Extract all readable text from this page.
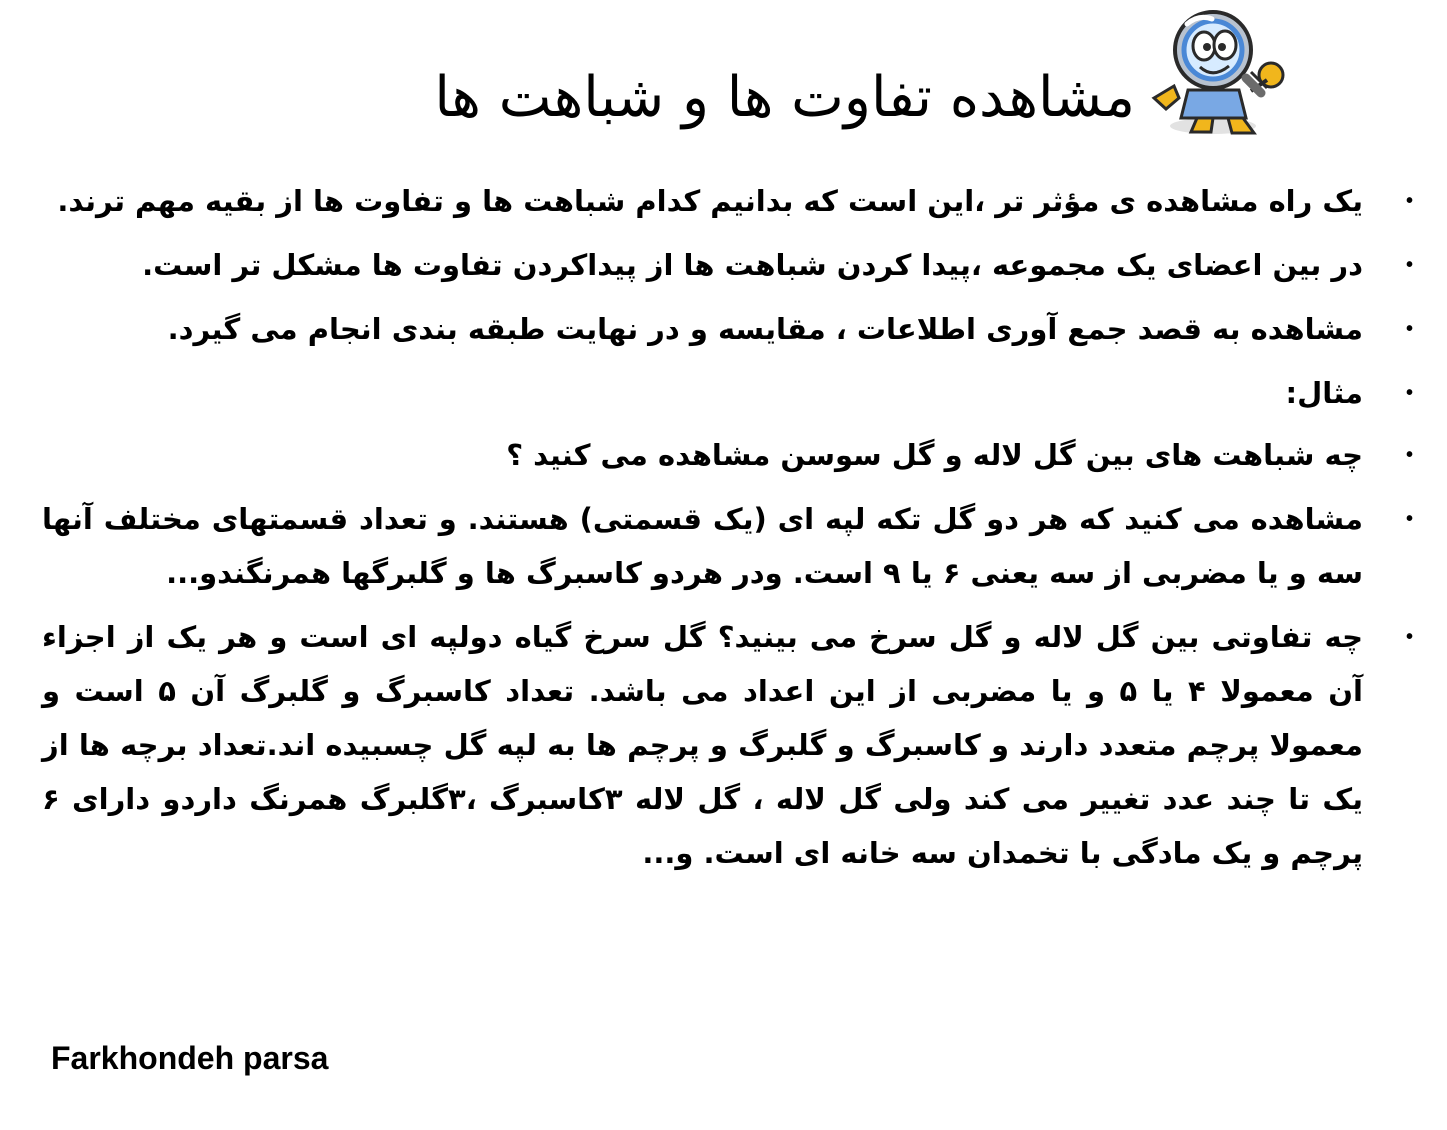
مشاهده تفاوت ها و شباهت ها
• یک راه مشاهده ی مؤثر تر ،این است که بدانیم کدام شباهت ها و تفاوت ها از بقیه مهم ترند.
• در بین اعضای یک مجموعه ،پیدا کردن شباهت ها از پیداکردن تفاوت ها مشکل تر است.
• مشاهده به قصد جمع آوری اطلاعات ، مقایسه و در نهایت طبقه بندی انجام می گیرد.
• مثال:
• چه شباهت های بین گل لاله و گل سوسن مشاهده می کنید ؟
• مشاهده می کنید که هر دو گل تکه لپه ای (یک قسمتی) هستند. و تعداد قسمتهای مختلف آنها سه و یا مضربی از سه یعنی ۶ یا ۹ است. ودر هردو کاسبرگ ها و گلبرگها همرنگندو...
• چه تفاوتی بین گل لاله و گل سرخ می بینید؟ گل سرخ گیاه دولپه ای است و هر یک از اجزاء آن معمولا ۴ یا ۵ و یا مضربی از این اعداد می باشد. تعداد کاسبرگ و گلبرگ آن ۵ است و معمولا پرچم متعدد دارند و کاسبرگ و گلبرگ و پرچم ها به لپه گل چسبیده اند.تعداد برچه ها از یک تا چند عدد تغییر می کند ولی گل لاله ، گل لاله ۳کاسبرگ ،۳گلبرگ همرنگ داردو دارای ۶ پرچم و یک مادگی با تخمدان سه خانه ای است. و...
Farkhondeh parsa
